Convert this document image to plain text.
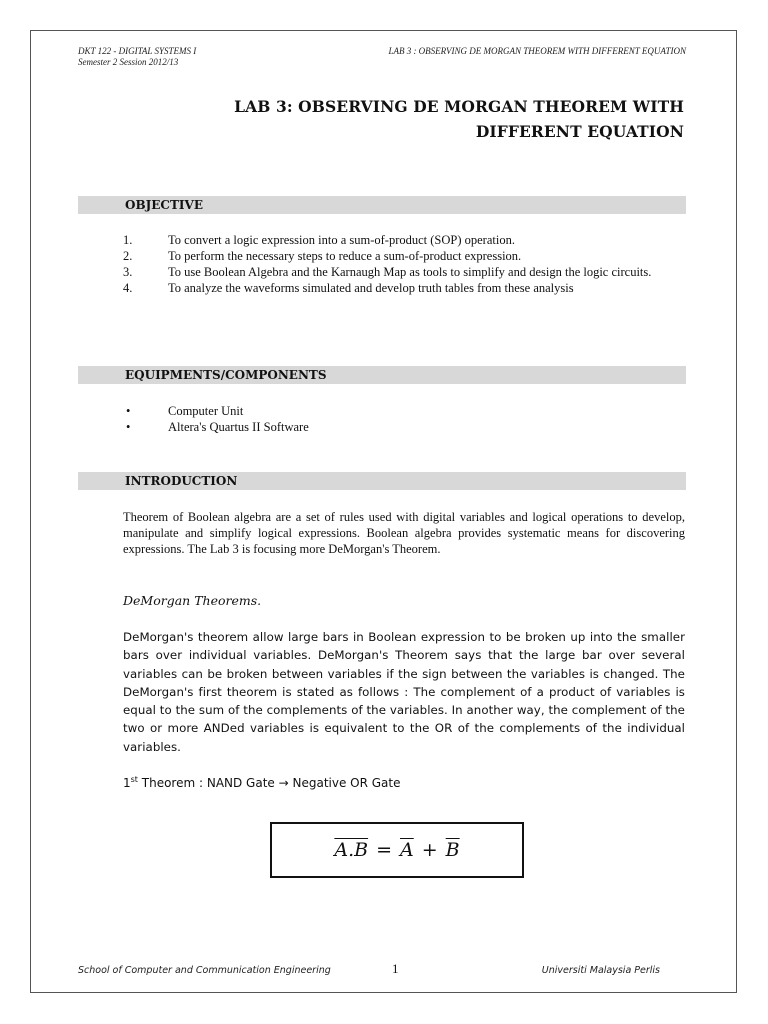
DKT 122 - DIGITAL SYSTEMS I
Semester 2 Session 2012/13
LAB 3 : OBSERVING DE MORGAN THEOREM WITH DIFFERENT EQUATION
LAB 3: OBSERVING DE MORGAN THEOREM WITH
DIFFERENT EQUATION
OBJECTIVE
1.	To convert a logic expression into a sum-of-product (SOP) operation.
2.	To perform the necessary steps to reduce a sum-of-product expression.
3.	To use Boolean Algebra and the Karnaugh Map as tools to simplify and design the logic circuits.
4.	To analyze the waveforms simulated and develop truth tables from these analysis
EQUIPMENTS/COMPONENTS
•	Computer Unit
•	Altera's Quartus II Software
INTRODUCTION
Theorem of Boolean algebra are a set of rules used with digital variables and logical operations to develop, manipulate and simplify logical expressions. Boolean algebra provides systematic means for discovering expressions. The Lab 3 is focusing more DeMorgan's Theorem.
DeMorgan Theorems.
DeMorgan's theorem allow large bars in Boolean expression to be broken up into the smaller bars over individual variables. DeMorgan's Theorem says that the large bar over several variables can be broken between variables if the sign between the variables is changed. The DeMorgan's first theorem is stated as follows : The complement of a product of variables is equal to the sum of the complements of the variables. In another way, the complement of the two or more ANDed variables is equivalent to the OR of the complements of the individual variables.
1st Theorem : NAND Gate → Negative OR Gate
$A.B = \overline{A} + \overline{B}$
School of Computer and Communication Engineering	1	Universiti Malaysia Perlis
